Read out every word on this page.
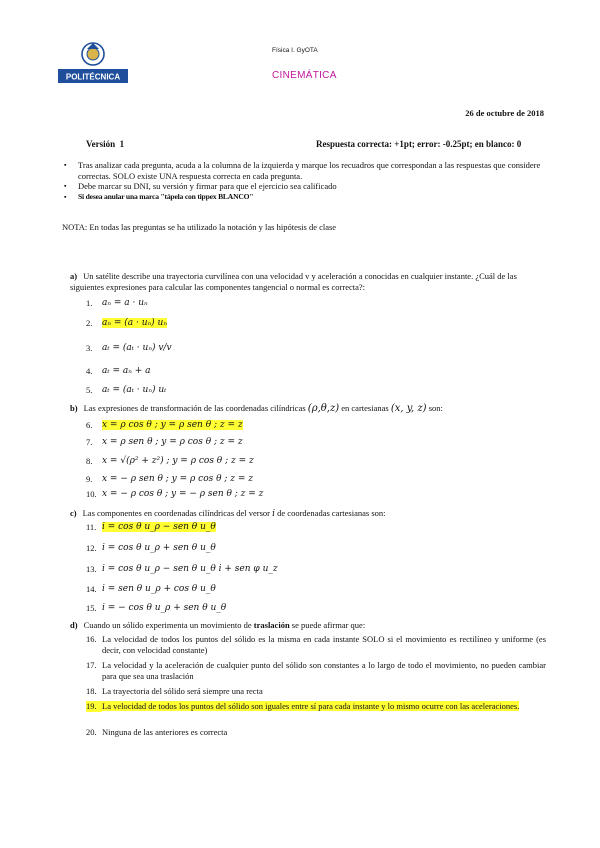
POLITÉCNICA
Física I. GyOTA
CINEMÁTICA
26 de octubre de 2018
Versión  1	Respuesta correcta: +1pt; error: -0.25pt; en blanco: 0
▪ Tras analizar cada pregunta, acuda a la columna de la izquierda y marque los recuadros que correspondan a las respuestas que considere correctas. SOLO existe UNA respuesta correcta en cada pregunta.
▪ Debe marcar su DNI, su versión y firmar para que el ejercicio sea calificado
▪ Si desea anular una marca "tápela con tippex BLANCO"
NOTA: En todas las preguntas se ha utilizado la notación y las hipótesis de clase
a) Un satélite describe una trayectoria curvilínea con una velocidad v y aceleración a conocidas en cualquier instante. ¿Cuál de las siguientes expresiones para calcular las componentes tangencial o normal es correcta?:
1.	aₙ = a · uₙ
2.	aₙ = (a · uₙ) uₙ
3.	aₜ = (aₜ · uₙ) v/v
4.	aₜ = aₙ + a
5.	aₜ = (aₜ · uₙ) uₜ
b) Las expresiones de transformación de las coordenadas cilíndricas (ρ,θ,z) en cartesianas (x, y, z) son:
6.	x = ρ cos θ ; y = ρ sen θ ; z = z
7.	x = ρ sen θ ; y = ρ cos θ ; z = z
8.	x = √(ρ² + z²) ; y = ρ cos θ ; z = z
9.	x = − ρ sen θ ; y = ρ cos θ ; z = z
10. x = − ρ cos θ ; y = − ρ sen θ ; z = z
c) Las componentes en coordenadas cilíndricas del versor i de coordenadas cartesianas son:
11. i = cos θ u_ρ − sen θ u_θ
12. i = cos θ u_ρ + sen θ u_θ
13. i = cos θ u_ρ − sen θ u_θ i + sen φ u_z
14. i = sen θ u_ρ + cos θ u_θ
15. i = − cos θ u_ρ + sen θ u_θ
d) Cuando un sólido experimenta un movimiento de traslación se puede afirmar que:
16. La velocidad de todos los puntos del sólido es la misma en cada instante SOLO si el movimiento es rectilíneo y uniforme (es decir, con velocidad constante)
17. La velocidad y la aceleración de cualquier punto del sólido son constantes a lo largo de todo el movimiento, no pueden cambiar para que sea una traslación
18. La trayectoria del sólido será siempre una recta
19. La velocidad de todos los puntos del sólido son iguales entre sí para cada instante y lo mismo ocurre con las aceleraciones.
20. Ninguna de las anteriores es correcta
